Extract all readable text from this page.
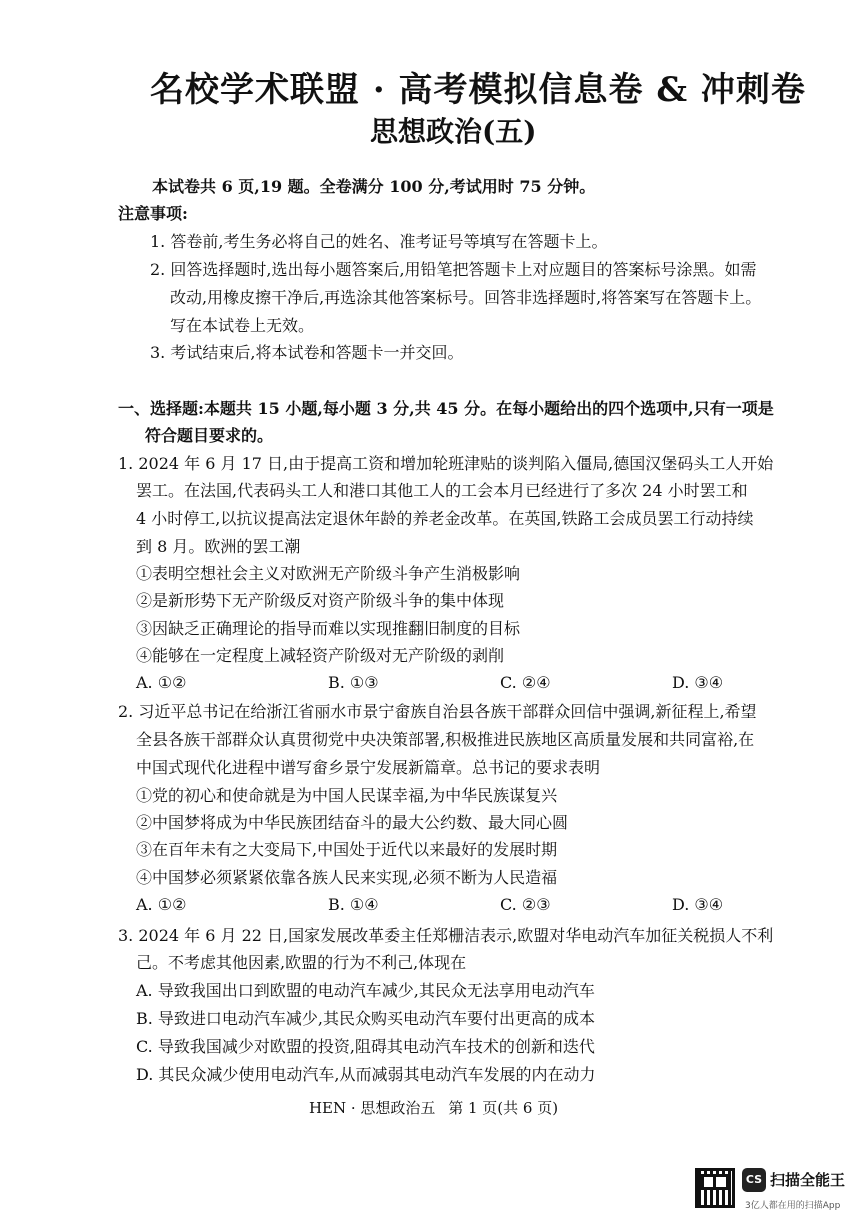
名校学术联盟 · 高考模拟信息卷 & 冲刺卷
思想政治(五)
本试卷共 6 页,19 题。全卷满分 100 分,考试用时 75 分钟。
注意事项:
1. 答卷前,考生务必将自己的姓名、准考证号等填写在答题卡上。
2. 回答选择题时,选出每小题答案后,用铅笔把答题卡上对应题目的答案标号涂黑。如需
改动,用橡皮擦干净后,再选涂其他答案标号。回答非选择题时,将答案写在答题卡上。
写在本试卷上无效。
3. 考试结束后,将本试卷和答题卡一并交回。
一、选择题:本题共 15 小题,每小题 3 分,共 45 分。在每小题给出的四个选项中,只有一项是
符合题目要求的。
1. 2024 年 6 月 17 日,由于提高工资和增加轮班津贴的谈判陷入僵局,德国汉堡码头工人开始
罢工。在法国,代表码头工人和港口其他工人的工会本月已经进行了多次 24 小时罢工和
4 小时停工,以抗议提高法定退休年龄的养老金改革。在英国,铁路工会成员罢工行动持续
到 8 月。欧洲的罢工潮
①表明空想社会主义对欧洲无产阶级斗争产生消极影响
②是新形势下无产阶级反对资产阶级斗争的集中体现
③因缺乏正确理论的指导而难以实现推翻旧制度的目标
④能够在一定程度上减轻资产阶级对无产阶级的剥削
A. ①②	B. ①③	C. ②④	D. ③④
2. 习近平总书记在给浙江省丽水市景宁畲族自治县各族干部群众回信中强调,新征程上,希望
全县各族干部群众认真贯彻党中央决策部署,积极推进民族地区高质量发展和共同富裕,在
中国式现代化进程中谱写畲乡景宁发展新篇章。总书记的要求表明
①党的初心和使命就是为中国人民谋幸福,为中华民族谋复兴
②中国梦将成为中华民族团结奋斗的最大公约数、最大同心圆
③在百年未有之大变局下,中国处于近代以来最好的发展时期
④中国梦必须紧紧依靠各族人民来实现,必须不断为人民造福
A. ①②	B. ①④	C. ②③	D. ③④
3. 2024 年 6 月 22 日,国家发展改革委主任郑栅洁表示,欧盟对华电动汽车加征关税损人不利
己。不考虑其他因素,欧盟的行为不利己,体现在
A. 导致我国出口到欧盟的电动汽车减少,其民众无法享用电动汽车
B. 导致进口电动汽车减少,其民众购买电动汽车要付出更高的成本
C. 导致我国减少对欧盟的投资,阻碍其电动汽车技术的创新和迭代
D. 其民众减少使用电动汽车,从而减弱其电动汽车发展的内在动力
HEN · 思想政治五 第 1 页(共 6 页)
CS 扫描全能王
3亿人都在用的扫描App
